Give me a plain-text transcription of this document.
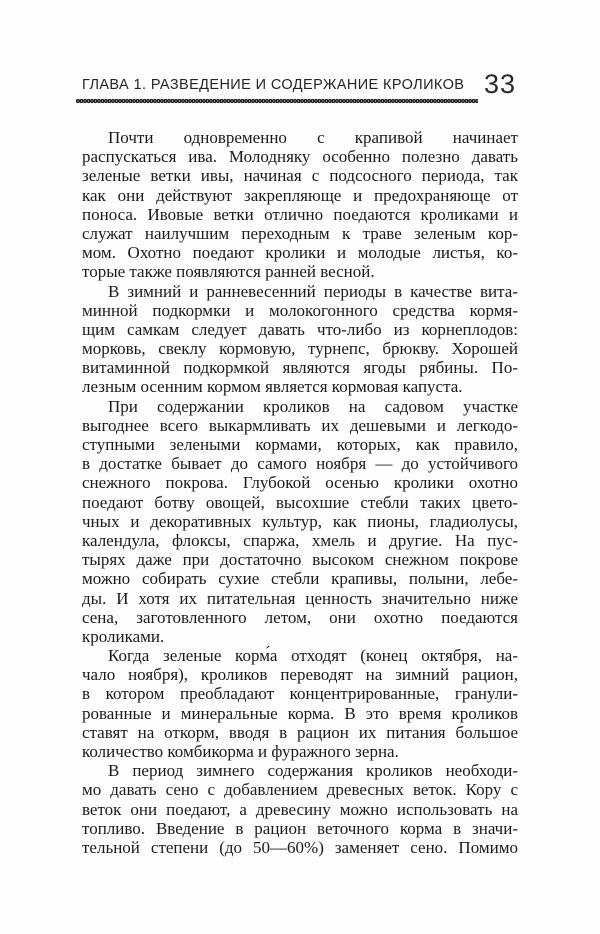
ГЛАВА 1. РАЗВЕДЕНИЕ И СОДЕРЖАНИЕ КРОЛИКОВ 33
Почти одновременно с крапивой начинает
распускаться ива. Молодняку особенно полезно давать
зеленые ветки ивы, начиная с подсосного периода, так
как они действуют закрепляюще и предохраняюще от
поноса. Ивовые ветки отлично поедаются кроликами и
служат наилучшим переходным к траве зеленым кор-
мом. Охотно поедают кролики и молодые листья, ко-
торые также появляются ранней весной.
В зимний и ранневесенний периоды в качестве вита-
минной подкормки и молокогонного средства кормя-
щим самкам следует давать что-либо из корнеплодов:
морковь, свеклу кормовую, турнепс, брюкву. Хорошей
витаминной подкормкой являются ягоды рябины. По-
лезным осенним кормом является кормовая капуста.
При содержании кроликов на садовом участке
выгоднее всего выкармливать их дешевыми и легкодо-
ступными зелеными кормами, которых, как правило,
в достатке бывает до самого ноября — до устойчивого
снежного покрова. Глубокой осенью кролики охотно
поедают ботву овощей, высохшие стебли таких цвето-
чных и декоративных культур, как пионы, гладиолусы,
календула, флоксы, спаржа, хмель и другие. На пус-
тырях даже при достаточно высоком снежном покрове
можно собирать сухие стебли крапивы, полыни, лебе-
ды. И хотя их питательная ценность значительно ниже
сена, заготовленного летом, они охотно поедаются
кроликами.
Когда зеленые корм́а отходят (конец октября, на-
чало ноября), кроликов переводят на зимний рацион,
в котором преобладают концентрированные, гранули-
рованные и минеральные корма. В это время кроликов
ставят на откорм, вводя в рацион их питания большое
количество комбикорма и фуражного зерна.
В период зимнего содержания кроликов необходи-
мо давать сено с добавлением древесных веток. Кору с
веток они поедают, а древесину можно использовать на
топливо. Введение в рацион веточного корма в значи-
тельной степени (до 50—60%) заменяет сено. Помимо
